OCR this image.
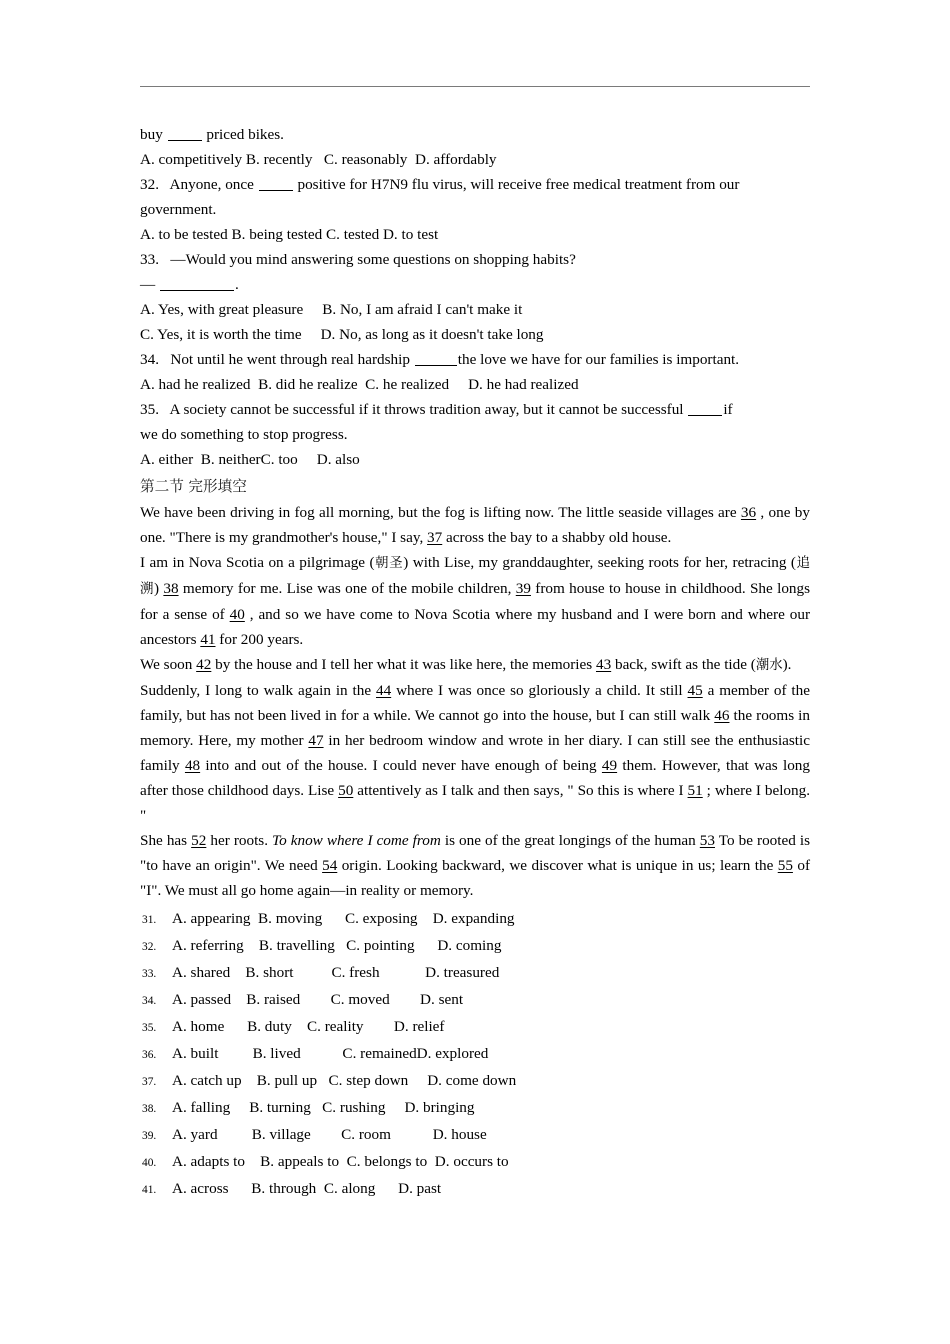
buy  priced bikes.

A. competitively B. recently   C. reasonably  D. affordably

32.   Anyone, once  positive for H7N9 flu virus, will receive free medical treatment from our

government.

A. to be tested B. being tested C. tested D. to test

33.   —Would you mind answering some questions on shopping habits?

—	.

A. Yes, with great pleasure     B. No, I am afraid I can't make it

C. Yes, it is worth the time     D. No, as long as it doesn't take long

34.   Not until he went through real hardship	the love we have for our families is important.

A. had he realized  B. did he realize  C. he realized     D. he had realized

35.   A society cannot be successful if it throws tradition away, but it cannot be successful if

we do something to stop progress.

A. either  B. neitherC. too     D. also

第二节 完形填空

We have been driving in fog all morning, but the fog is lifting now. The little seaside villages are 36 , one by one. "There is my grandmother's house," I say, 37 across the bay to a shabby old house.

I am in Nova Scotia on a pilgrimage (朝圣) with Lise, my granddaughter, seeking roots for her, retracing (追溯) 38 memory for me. Lise was one of the mobile children, 39 from house to house in childhood. She longs for a sense of 40 , and so we have come to Nova Scotia where my husband and I were born and where our ancestors 41 for 200 years.

We soon 42 by the house and I tell her what it was like here, the memories 43 back, swift as the tide (潮水).

Suddenly, I long to walk again in the 44 where I was once so gloriously a child. It still 45 a member of the family, but has not been lived in for a while. We cannot go into the house, but I can still walk 46 the rooms in memory. Here, my mother 47 in her bedroom window and wrote in her diary. I can still see the enthusiastic family 48 into and out of the house. I could never have enough of being 49 them. However, that was long after those childhood days. Lise 50 attentively as I talk and then says, " So this is where I 51 ; where I belong. "

She has 52 her roots. To know where I come from is one of the great longings of the human 53 To be rooted is "to have an origin". We need 54 origin. Looking backward, we discover what is unique in us; learn the 55 of "I". We must all go home again—in reality or memory.

31.	A. appearing  B. moving      C. exposing    D. expanding
32.	A. referring    B. travelling   C. pointing      D. coming
33.	A. shared    B. short          C. fresh            D. treasured
34.	A. passed    B. raised        C. moved        D. sent
35.	A. home      B. duty    C. reality        D. relief
36.	A. built         B. lived           C. remainedD. explored
37.	A. catch up    B. pull up   C. step down     D. come down
38.	A. falling     B. turning   C. rushing     D. bringing
39.	A. yard         B. village        C. room           D. house
40.	A. adapts to    B. appeals to  C. belongs to  D. occurs to
41.	A. across      B. through  C. along      D. past
